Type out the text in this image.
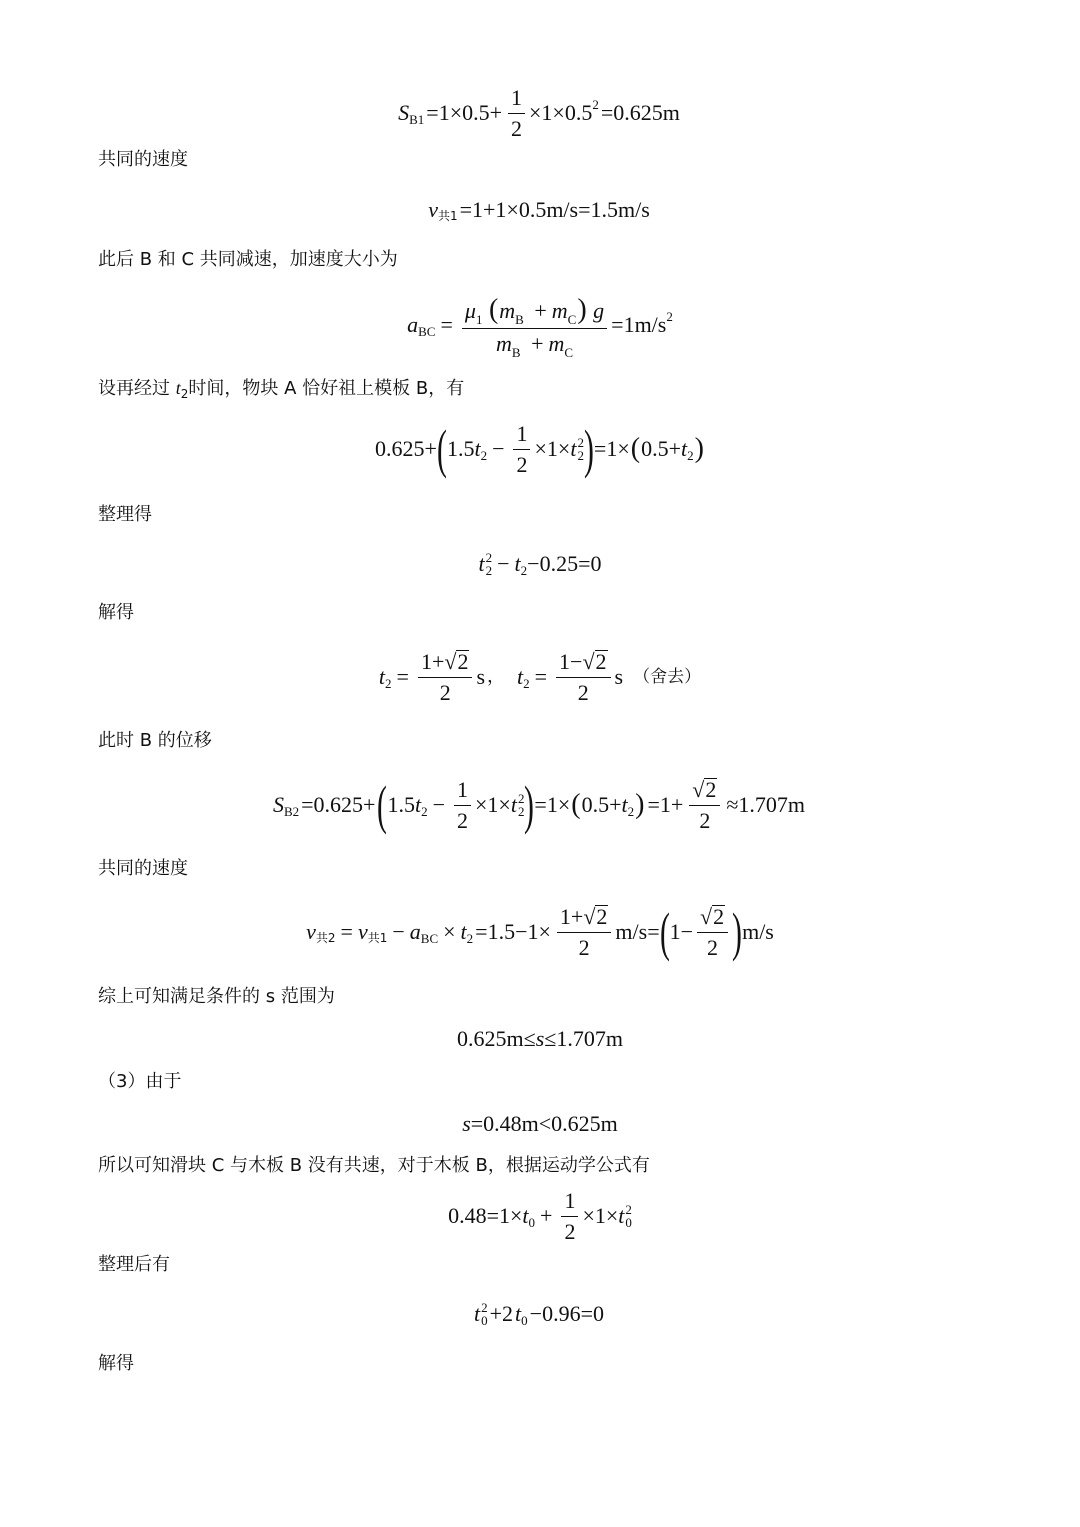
S $B1 =1\times 0.5+ \frac{1}{2} \times 1\times 0.5$ 2 =0.625m
共同的速度
v 共1 =1+1×0.5m/s=1.5m/s
此后 B 和 C 共同减速，加速度大小为
a BC = $\frac{\mu_1 (m_B + m_C) g}{m_B + m_C} =1m/s$ 2
设再经过 $t_2$时间，物块 A 恰好祖上模板 B，有
0.625+ ( 1.5 t $2 - \frac{1}{2} \times 1\times t$ 2
2 ) =1× ( 0.5+ t 2 )
整理得
t 2
2 − t 2 −0.25=0
解得
t $2 = \frac{1+ √ 2}{2}$ s ， t $2 = \frac{1- √ 2}{2}$ s （舍去）
此时 B 的位移
S B2 =0.625+ ( 1.5 t $2 - \frac{1}{2} \times 1\times t$ 2
2 ) =1× ( 0.5+ t 2 ) $=1+ \frac{√ 2}{2} \approx 1.707m$
共同的速度
v 共2 = v 共1 − a BC × t $2 =1.5-1\times \frac{1+ √ 2}{2} m/s=$ ( $1- \frac{√ 2}{2}$ ) m/s
综上可知满足条件的 s 范围为
0.625m≤ s ≤1.707m
（3）由于
s =0.48m<0.625m
所以可知滑块 C 与木板 B 没有共速，对于木板 B，根据运动学公式有
0.48=1× t $0 + \frac{1}{2} \times 1\times t$ 2
0
整理后有
t 2
0 +2 t 0 −0.96=0
解得
